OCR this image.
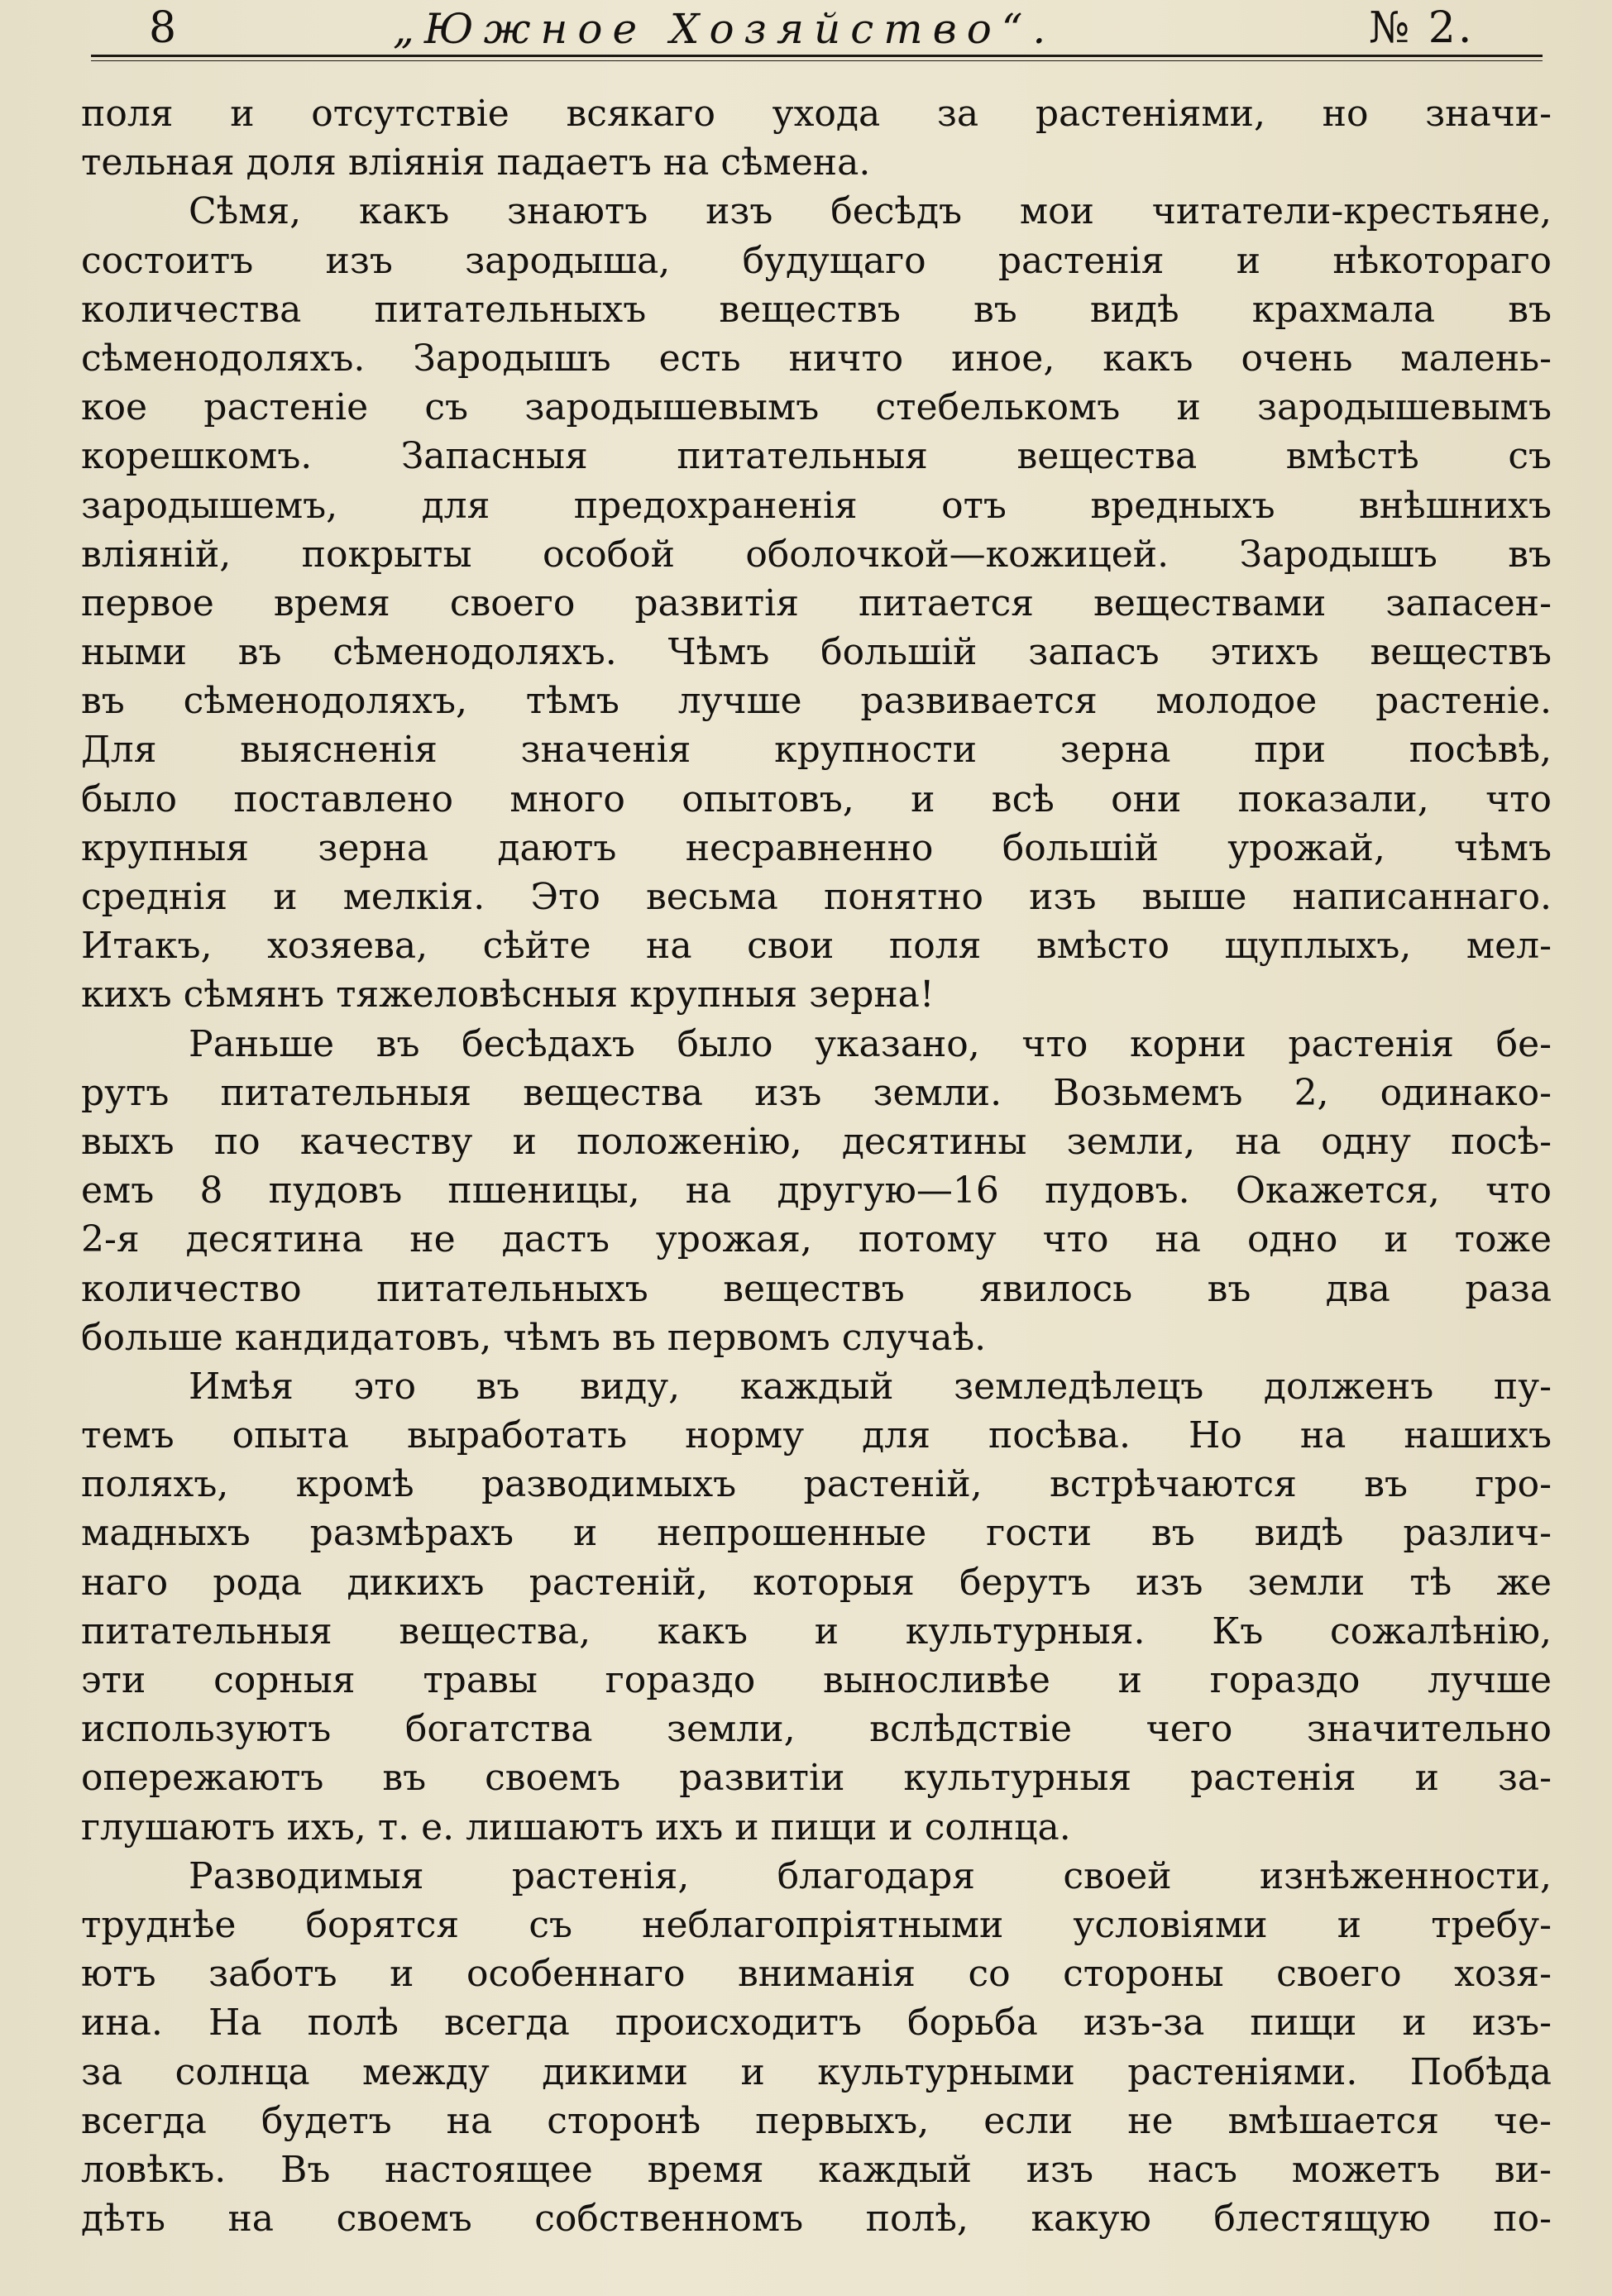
8	„Южное Хозяйство“.	№ 2.
поля и отсутствіе всякаго ухода за растеніями, но значи-
тельная доля вліянія падаетъ на сѣмена.
Сѣмя, какъ знаютъ изъ бесѣдъ мои читатели-крестьяне,
состоитъ изъ зародыша, будущаго растенія и нѣкотораго
количества питательныхъ веществъ въ видѣ крахмала въ
сѣменодоляхъ. Зародышъ есть ничто иное, какъ очень малень-
кое растеніе съ зародышевымъ стебелькомъ и зародышевымъ
корешкомъ. Запасныя питательныя вещества вмѣстѣ съ
зародышемъ, для предохраненія отъ вредныхъ внѣшнихъ
вліяній, покрыты особой оболочкой—кожицей. Зародышъ въ
первое время своего развитія питается веществами запасен-
ными въ сѣменодоляхъ. Чѣмъ большій запасъ этихъ веществъ
въ сѣменодоляхъ, тѣмъ лучше развивается молодое растеніе.
Для выясненія значенія крупности зерна при посѣвѣ,
было поставлено много опытовъ, и всѣ они показали, что
крупныя зерна даютъ несравненно большій урожай, чѣмъ
среднія и мелкія. Это весьма понятно изъ выше написаннаго.
Итакъ, хозяева, сѣйте на свои поля вмѣсто щуплыхъ, мел-
кихъ сѣмянъ тяжеловѣсныя крупныя зерна!
Раньше въ бесѣдахъ было указано, что корни растенія бе-
рутъ питательныя вещества изъ земли. Возьмемъ 2, одинако-
выхъ по качеству и положенію, десятины земли, на одну посѣ-
емъ 8 пудовъ пшеницы, на другую—16 пудовъ. Окажется, что
2-я десятина не дастъ урожая, потому что на одно и тоже
количество питательныхъ веществъ явилось въ два раза
больше кандидатовъ, чѣмъ въ первомъ случаѣ.
Имѣя это въ виду, каждый земледѣлецъ долженъ пу-
темъ опыта выработать норму для посѣва. Но на нашихъ
поляхъ, кромѣ разводимыхъ растеній, встрѣчаются въ гро-
мадныхъ размѣрахъ и непрошенные гости въ видѣ различ-
наго рода дикихъ растеній, которыя берутъ изъ земли тѣ же
питательныя вещества, какъ и культурныя. Къ сожалѣнію,
эти сорныя травы гораздо выносливѣе и гораздо лучше
используютъ богатства земли, вслѣдствіе чего значительно
опережаютъ въ своемъ развитіи культурныя растенія и за-
глушаютъ ихъ, т. е. лишаютъ ихъ и пищи и солнца.
Разводимыя растенія, благодаря своей изнѣженности,
труднѣе борятся съ неблагопріятными условіями и требу-
ютъ заботъ и особеннаго вниманія со стороны своего хозя-
ина. На полѣ всегда происходитъ борьба изъ-за пищи и изъ-
за солнца между дикими и культурными растеніями. Побѣда
всегда будетъ на сторонѣ первыхъ, если не вмѣшается че-
ловѣкъ. Въ настоящее время каждый изъ насъ можетъ ви-
дѣть на своемъ собственномъ полѣ, какую блестящую по-
